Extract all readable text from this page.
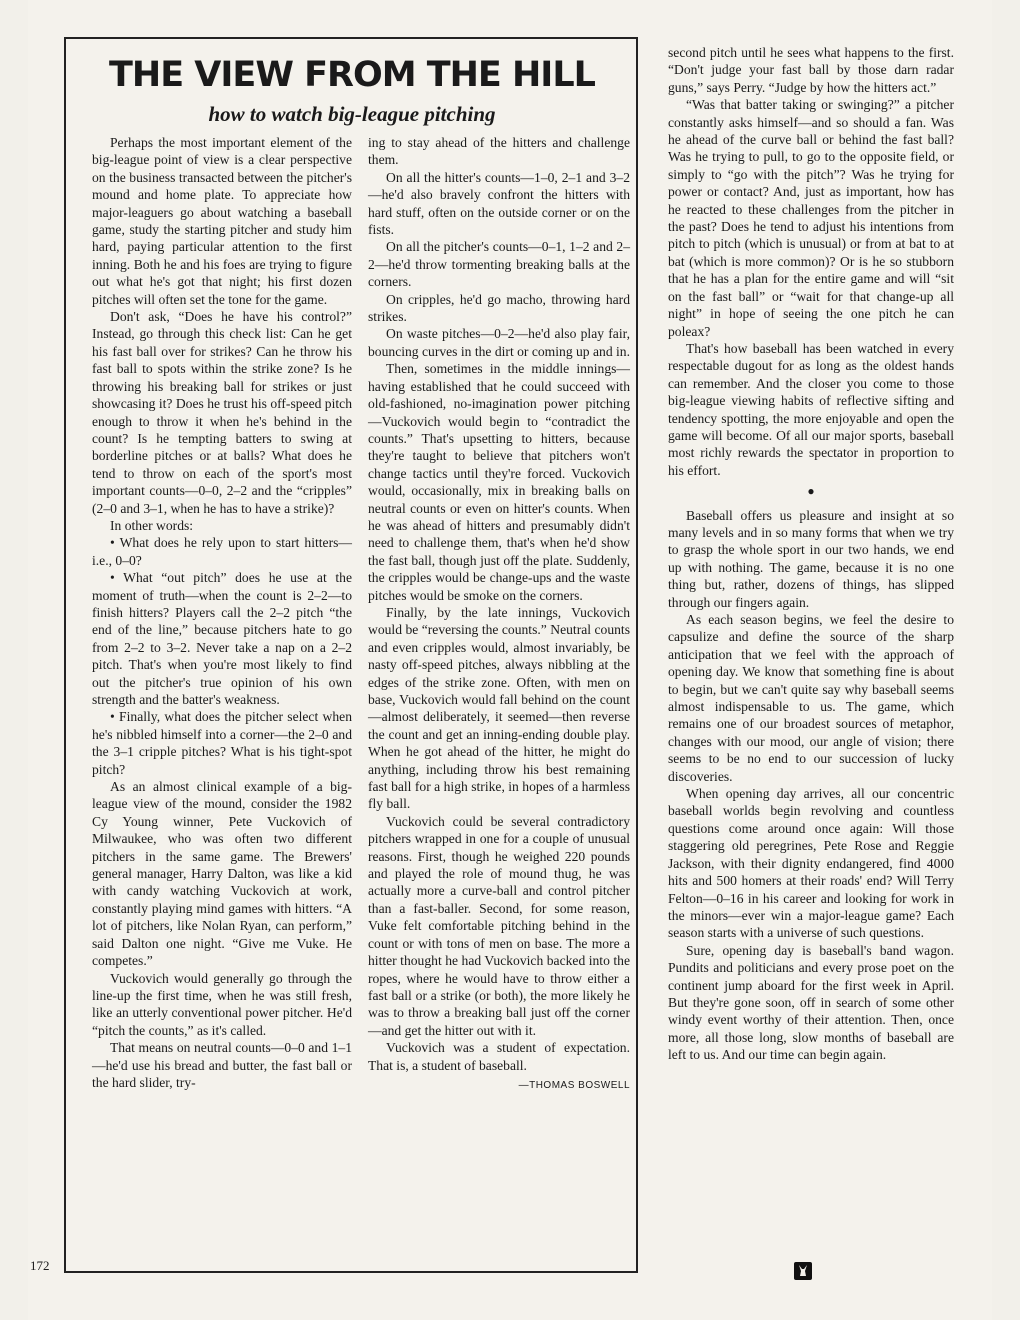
THE VIEW FROM THE HILL
how to watch big-league pitching

Perhaps the most important element of the big-league point of view is a clear perspective on the business transacted between the pitcher's mound and home plate. To appreciate how major-leaguers go about watching a baseball game, study the starting pitcher and study him hard, paying particular attention to the first inning. Both he and his foes are trying to figure out what he's got that night; his first dozen pitches will often set the tone for the game.

Don't ask, “Does he have his control?” Instead, go through this check list: Can he get his fast ball over for strikes? Can he throw his fast ball to spots within the strike zone? Is he throwing his breaking ball for strikes or just showcasing it? Does he trust his off-speed pitch enough to throw it when he's behind in the count? Is he tempting batters to swing at borderline pitches or at balls? What does he tend to throw on each of the sport's most important counts—0–0, 2–2 and the “cripples” (2–0 and 3–1, when he has to have a strike)?

In other words:

• What does he rely upon to start hitters—i.e., 0–0?

• What “out pitch” does he use at the moment of truth—when the count is 2–2—to finish hitters? Players call the 2–2 pitch “the end of the line,” because pitchers hate to go from 2–2 to 3–2. Never take a nap on a 2–2 pitch. That's when you're most likely to find out the pitcher's true opinion of his own strength and the batter's weakness.

• Finally, what does the pitcher select when he's nibbled himself into a corner—the 2–0 and the 3–1 cripple pitches? What is his tight-spot pitch?

As an almost clinical example of a big-league view of the mound, consider the 1982 Cy Young winner, Pete Vuckovich of Milwaukee, who was often two different pitchers in the same game. The Brewers' general manager, Harry Dalton, was like a kid with candy watching Vuckovich at work, constantly playing mind games with hitters. “A lot of pitchers, like Nolan Ryan, can perform,” said Dalton one night. “Give me Vuke. He competes.”

Vuckovich would generally go through the line-up the first time, when he was still fresh, like an utterly conventional power pitcher. He'd “pitch the counts,” as it's called.

That means on neutral counts—0–0 and 1–1—he'd use his bread and butter, the fast ball or the hard slider, try-

ing to stay ahead of the hitters and challenge them.

On all the hitter's counts—1–0, 2–1 and 3–2—he'd also bravely confront the hitters with hard stuff, often on the outside corner or on the fists.

On all the pitcher's counts—0–1, 1–2 and 2–2—he'd throw tormenting breaking balls at the corners.

On cripples, he'd go macho, throwing hard strikes.

On waste pitches—0–2—he'd also play fair, bouncing curves in the dirt or coming up and in.

Then, sometimes in the middle innings—having established that he could succeed with old-fashioned, no-imagination power pitching—Vuckovich would begin to “contradict the counts.” That's upsetting to hitters, because they're taught to believe that pitchers won't change tactics until they're forced. Vuckovich would, occasionally, mix in breaking balls on neutral counts or even on hitter's counts. When he was ahead of hitters and presumably didn't need to challenge them, that's when he'd show the fast ball, though just off the plate. Suddenly, the cripples would be change-ups and the waste pitches would be smoke on the corners.

Finally, by the late innings, Vuckovich would be “reversing the counts.” Neutral counts and even cripples would, almost invariably, be nasty off-speed pitches, always nibbling at the edges of the strike zone. Often, with men on base, Vuckovich would fall behind on the count—almost deliberately, it seemed—then reverse the count and get an inning-ending double play. When he got ahead of the hitter, he might do anything, including throw his best remaining fast ball for a high strike, in hopes of a harmless fly ball.

Vuckovich could be several contradictory pitchers wrapped in one for a couple of unusual reasons. First, though he weighed 220 pounds and played the role of mound thug, he was actually more a curve-ball and control pitcher than a fast-baller. Second, for some reason, Vuke felt comfortable pitching behind in the count or with tons of men on base. The more a hitter thought he had Vuckovich backed into the ropes, where he would have to throw either a fast ball or a strike (or both), the more likely he was to throw a breaking ball just off the corner—and get the hitter out with it.

Vuckovich was a student of expectation. That is, a student of baseball.
—THOMAS BOSWELL

second pitch until he sees what happens to the first. “Don't judge your fast ball by those darn radar guns,” says Perry. “Judge by how the hitters act.”

“Was that batter taking or swinging?” a pitcher constantly asks himself—and so should a fan. Was he ahead of the curve ball or behind the fast ball? Was he trying to pull, to go to the opposite field, or simply to “go with the pitch”? Was he trying for power or contact? And, just as important, how has he reacted to these challenges from the pitcher in the past? Does he tend to adjust his intentions from pitch to pitch (which is unusual) or from at bat to at bat (which is more common)? Or is he so stubborn that he has a plan for the entire game and will “sit on the fast ball” or “wait for that change-up all night” in hope of seeing the one pitch he can poleax?

That's how baseball has been watched in every respectable dugout for as long as the oldest hands can remember. And the closer you come to those big-league viewing habits of reflective sifting and tendency spotting, the more enjoyable and open the game will become. Of all our major sports, baseball most richly rewards the spectator in proportion to his effort.

●

Baseball offers us pleasure and insight at so many levels and in so many forms that when we try to grasp the whole sport in our two hands, we end up with nothing. The game, because it is no one thing but, rather, dozens of things, has slipped through our fingers again.

As each season begins, we feel the desire to capsulize and define the source of the sharp anticipation that we feel with the approach of opening day. We know that something fine is about to begin, but we can't quite say why baseball seems almost indispensable to us. The game, which remains one of our broadest sources of metaphor, changes with our mood, our angle of vision; there seems to be no end to our succession of lucky discoveries.

When opening day arrives, all our concentric baseball worlds begin revolving and countless questions come around once again: Will those staggering old peregrines, Pete Rose and Reggie Jackson, with their dignity endangered, find 4000 hits and 500 homers at their roads' end? Will Terry Felton—0–16 in his career and looking for work in the minors—ever win a major-league game? Each season starts with a universe of such questions.

Sure, opening day is baseball's band wagon. Pundits and politicians and every prose poet on the continent jump aboard for the first week in April. But they're gone soon, off in search of some other windy event worthy of their attention. Then, once more, all those long, slow months of baseball are left to us. And our time can begin again.

172
